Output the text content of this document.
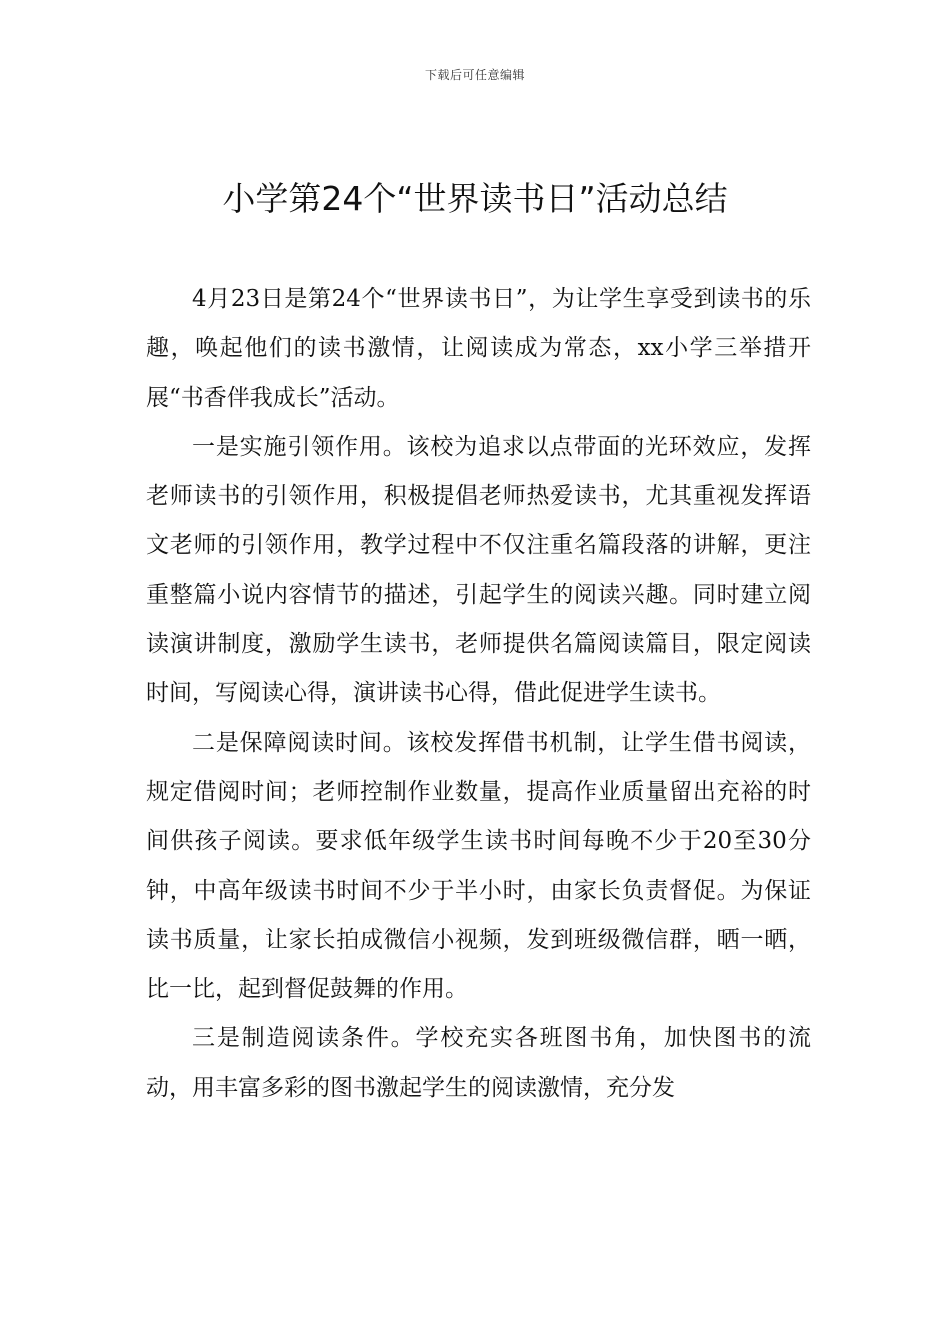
下载后可任意编辑
小学第24个“世界读书日”活动总结

4月23日是第24个“世界读书日”，为让学生享受到读书的乐趣，唤起他们的读书激情，让阅读成为常态，xx小学三举措开展“书香伴我成长”活动。

一是实施引领作用。该校为追求以点带面的光环效应，发挥老师读书的引领作用，积极提倡老师热爱读书，尤其重视发挥语文老师的引领作用，教学过程中不仅注重名篇段落的讲解，更注重整篇小说内容情节的描述，引起学生的阅读兴趣。同时建立阅读演讲制度，激励学生读书，老师提供名篇阅读篇目，限定阅读时间，写阅读心得，演讲读书心得，借此促进学生读书。

二是保障阅读时间。该校发挥借书机制，让学生借书阅读，规定借阅时间；老师控制作业数量，提高作业质量留出充裕的时间供孩子阅读。要求低年级学生读书时间每晚不少于20至30分钟，中高年级读书时间不少于半小时，由家长负责督促。为保证读书质量，让家长拍成微信小视频，发到班级微信群，晒一晒，比一比，起到督促鼓舞的作用。

三是制造阅读条件。学校充实各班图书角，加快图书的流动，用丰富多彩的图书激起学生的阅读激情，充分发
